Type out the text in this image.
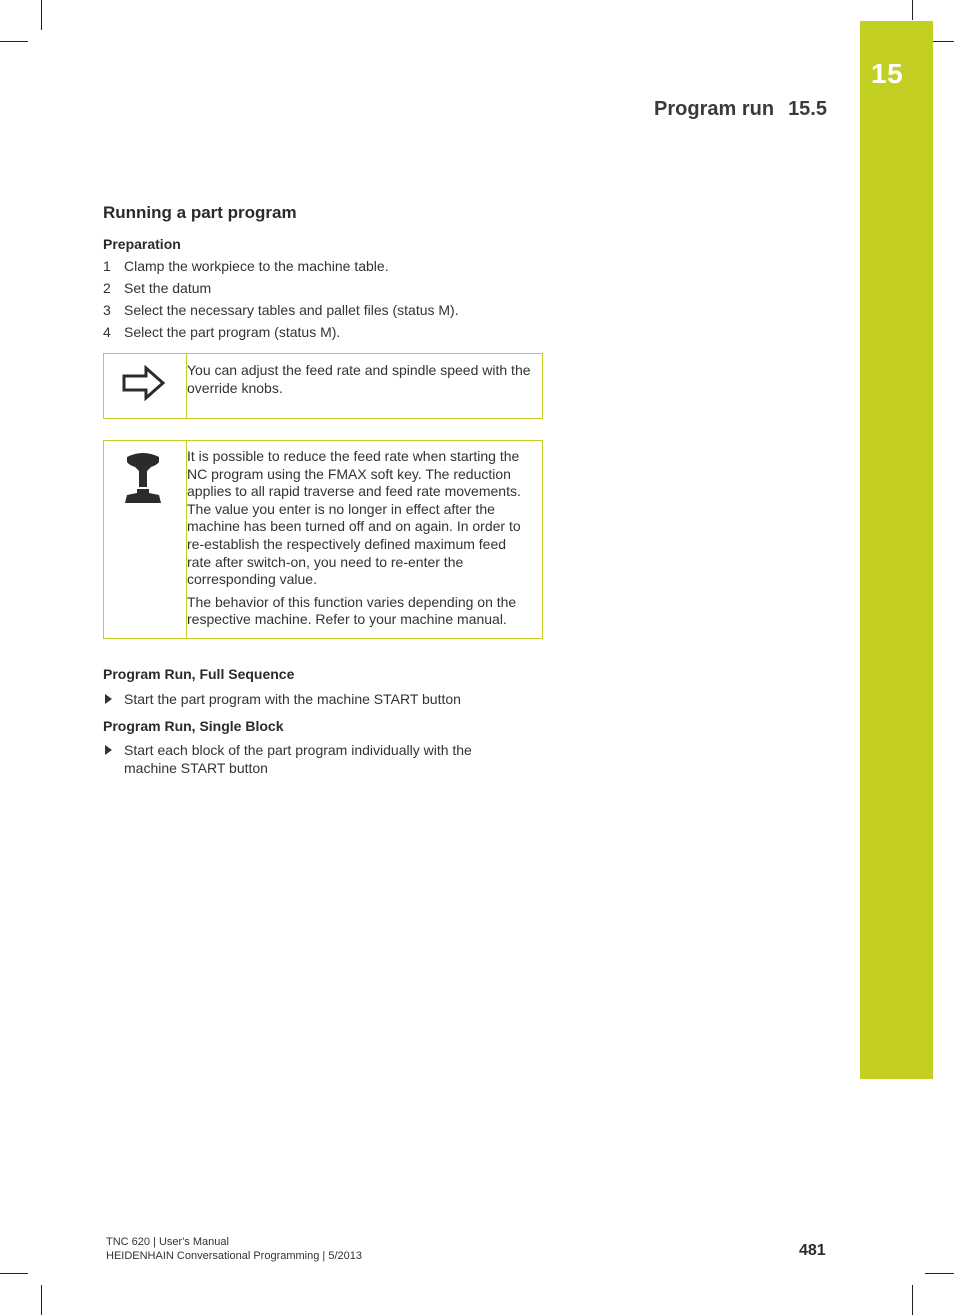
15
Program run 15.5
Running a part program
Preparation
1 Clamp the workpiece to the machine table.
2 Set the datum
3 Select the necessary tables and pallet files (status M).
4 Select the part program (status M).

You can adjust the feed rate and spindle speed with the override knobs.

It is possible to reduce the feed rate when starting the NC program using the FMAX soft key. The reduction applies to all rapid traverse and feed rate movements. The value you enter is no longer in effect after the machine has been turned off and on again. In order to re-establish the respectively defined maximum feed rate after switch-on, you need to re-enter the corresponding value.

The behavior of this function varies depending on the respective machine. Refer to your machine manual.

Program Run, Full Sequence
Start the part program with the machine START button
Program Run, Single Block
Start each block of the part program individually with the machine START button
TNC 620 | User's Manual
HEIDENHAIN Conversational Programming | 5/2013	481
